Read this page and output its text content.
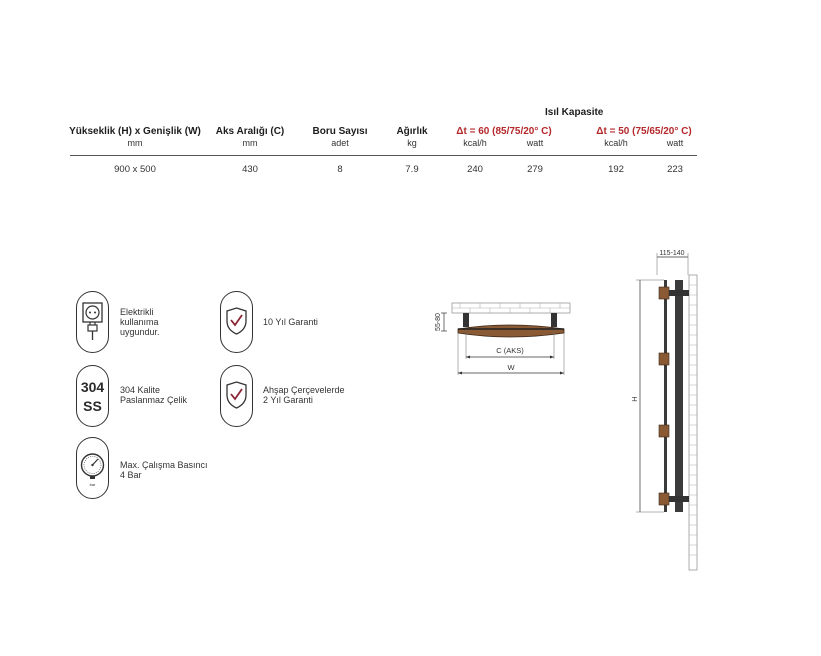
Isıl Kapasite
Yükseklik (H) x Genişlik (W)
mm
Aks Aralığı (C)
mm
Boru Sayısı
adet
Ağırlık
kg
Δt = 60 (85/75/20° C)
kcal/h	watt
Δt = 50 (75/65/20° C)
kcal/h	watt
900 x 500	430	8	7.9	240	279	192	223
Elektrikli
kullanıma
uygundur.
10 Yıl Garanti
304
SS
304 Kalite
Paslanmaz Çelik
Ahşap Çerçevelerde
2 Yıl Garanti
bar
Max. Çalışma Basıncı
4 Bar
55-80
C (AKS)
W
115-140
H
